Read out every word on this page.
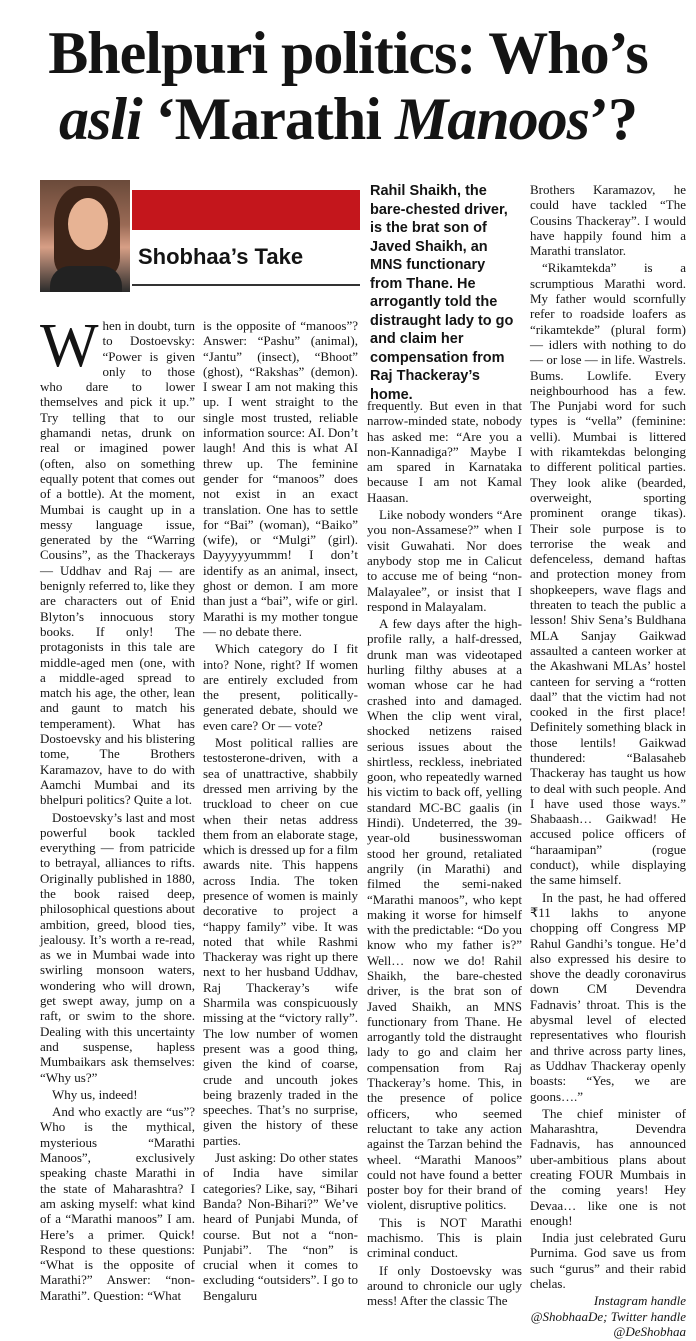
Bhelpuri politics: Who’s
asli ‘Marathi Manoos’?
Shobhaa’s Take
Rahil Shaikh, the bare-chested driver, is the brat son of Javed Shaikh, an MNS functionary from Thane. He arrogantly told the distraught lady to go and claim her compensation from Raj Thackeray’s home.
W hen in doubt, turn to Dostoevsky: “Power is given only to those who dare to lower themselves and pick it up.” Try telling that to our ghamandi netas, drunk on real or imagined power (often, also on something equally potent that comes out of a bottle). At the moment, Mumbai is caught up in a messy language issue, generated by the “Warring Cousins”, as the Thackerays — Uddhav and Raj — are benignly referred to, like they are characters out of Enid Blyton’s innocuous story books. If only! The protagonists in this tale are middle-aged men (one, with a middle-aged spread to match his age, the other, lean and gaunt to match his temperament). What has Dostoevsky and his blistering tome, The Brothers Karamazov, have to do with Aamchi Mumbai and its bhelpuri politics? Quite a lot.

Dostoevsky’s last and most powerful book tackled everything — from patricide to betrayal, alliances to rifts. Originally published in 1880, the book raised deep, philosophical questions about ambition, greed, blood ties, jealousy. It’s worth a re-read, as we in Mumbai wade into swirling monsoon waters, wondering who will drown, get swept away, jump on a raft, or swim to the shore. Dealing with this uncertainty and suspense, hapless Mumbaikars ask themselves: “Why us?”

Why us, indeed!

And who exactly are “us”? Who is the mythical, mysterious “Marathi Manoos”, exclusively speaking chaste Marathi in the state of Maharashtra? I am asking myself: what kind of a “Marathi manoos” I am. Here’s a primer. Quick! Respond to these questions: “What is the opposite of Marathi?” Answer: “non-Marathi”. Question: “What

is the opposite of “manoos”? Answer: “Pashu” (animal), “Jantu” (insect), “Bhoot” (ghost), “Rakshas” (demon). I swear I am not making this up. I went straight to the single most trusted, reliable information source: AI. Don’t laugh! And this is what AI threw up. The feminine gender for “manoos” does not exist in an exact translation. One has to settle for “Bai” (woman), “Baiko” (wife), or “Mulgi” (girl). Dayyyyyummm! I don’t identify as an animal, insect, ghost or demon. I am more than just a “bai”, wife or girl. Marathi is my mother tongue — no debate there.

Which category do I fit into? None, right? If women are entirely excluded from the present, politically-generated debate, should we even care? Or — vote?

Most political rallies are testosterone-driven, with a sea of unattractive, shabbily dressed men arriving by the truckload to cheer on cue when their netas address them from an elaborate stage, which is dressed up for a film awards nite. This happens across India. The token presence of women is mainly decorative to project a “happy family” vibe. It was noted that while Rashmi Thackeray was right up there next to her husband Uddhav, Raj Thackeray’s wife Sharmila was conspicuously missing at the “victory rally”. The low number of women present was a good thing, given the kind of coarse, crude and uncouth jokes being brazenly traded in the speeches. That’s no surprise, given the history of these parties.

Just asking: Do other states of India have similar categories? Like, say, “Bihari Banda? Non-Bihari?” We’ve heard of Punjabi Munda, of course. But not a “non-Punjabi”. The “non” is crucial when it comes to excluding “outsiders”. I go to Bengaluru

frequently. But even in that narrow-minded state, nobody has asked me: “Are you a non-Kannadiga?” Maybe I am spared in Karnataka because I am not Kamal Haasan.

Like nobody wonders “Are you non-Assamese?” when I visit Guwahati. Nor does anybody stop me in Calicut to accuse me of being “non-Malayalee”, or insist that I respond in Malayalam.

A few days after the high-profile rally, a half-dressed, drunk man was videotaped hurling filthy abuses at a woman whose car he had crashed into and damaged. When the clip went viral, shocked netizens raised serious issues about the shirtless, reckless, inebriated goon, who repeatedly warned his victim to back off, yelling standard MC-BC gaalis (in Hindi). Undeterred, the 39-year-old businesswoman stood her ground, retaliated angrily (in Marathi) and filmed the semi-naked “Marathi manoos”, who kept making it worse for himself with the predictable: “Do you know who my father is?” Well… now we do! Rahil Shaikh, the bare-chested driver, is the brat son of Javed Shaikh, an MNS functionary from Thane. He arrogantly told the distraught lady to go and claim her compensation from Raj Thackeray’s home. This, in the presence of police officers, who seemed reluctant to take any action against the Tarzan behind the wheel. “Marathi Manoos” could not have found a better poster boy for their brand of violent, disruptive politics.

This is NOT Marathi machismo. This is plain criminal conduct.

If only Dostoevsky was around to chronicle our ugly mess! After the classic The

Brothers Karamazov, he could have tackled “The Cousins Thackeray”. I would have happily found him a Marathi translator.

“Rikamtekda” is a scrumptious Marathi word. My father would scornfully refer to roadside loafers as “rikamtekde” (plural form) — idlers with nothing to do — or lose — in life. Wastrels. Bums. Lowlife. Every neighbourhood has a few. The Punjabi word for such types is “vella” (feminine: velli). Mumbai is littered with rikamtekdas belonging to different political parties. They look alike (bearded, overweight, sporting prominent orange tikas). Their sole purpose is to terrorise the weak and defenceless, demand haftas and protection money from shopkeepers, wave flags and threaten to teach the public a lesson! Shiv Sena’s Buldhana MLA Sanjay Gaikwad assaulted a canteen worker at the Akashwani MLAs’ hostel canteen for serving a “rotten daal” that the victim had not cooked in the first place! Definitely something black in those lentils! Gaikwad thundered: “Balasaheb Thackeray has taught us how to deal with such people. And I have used those ways.” Shabaash… Gaikwad! He accused police officers of “haraamipan” (rogue conduct), while displaying the same himself.

In the past, he had offered ₹11 lakhs to anyone chopping off Congress MP Rahul Gandhi’s tongue. He’d also expressed his desire to shove the deadly coronavirus down CM Devendra Fadnavis’ throat. This is the abysmal level of elected representatives who flourish and thrive across party lines, as Uddhav Thackeray openly boasts: “Yes, we are goons….”

The chief minister of Maharashtra, Devendra Fadnavis, has announced uber-ambitious plans about creating FOUR Mumbais in the coming years! Hey Devaa… like one is not enough!

India just celebrated Guru Purnima. God save us from such “gurus” and their rabid chelas.

Instagram handle @ShobhaaDe; Twitter handle @DeShobhaa
